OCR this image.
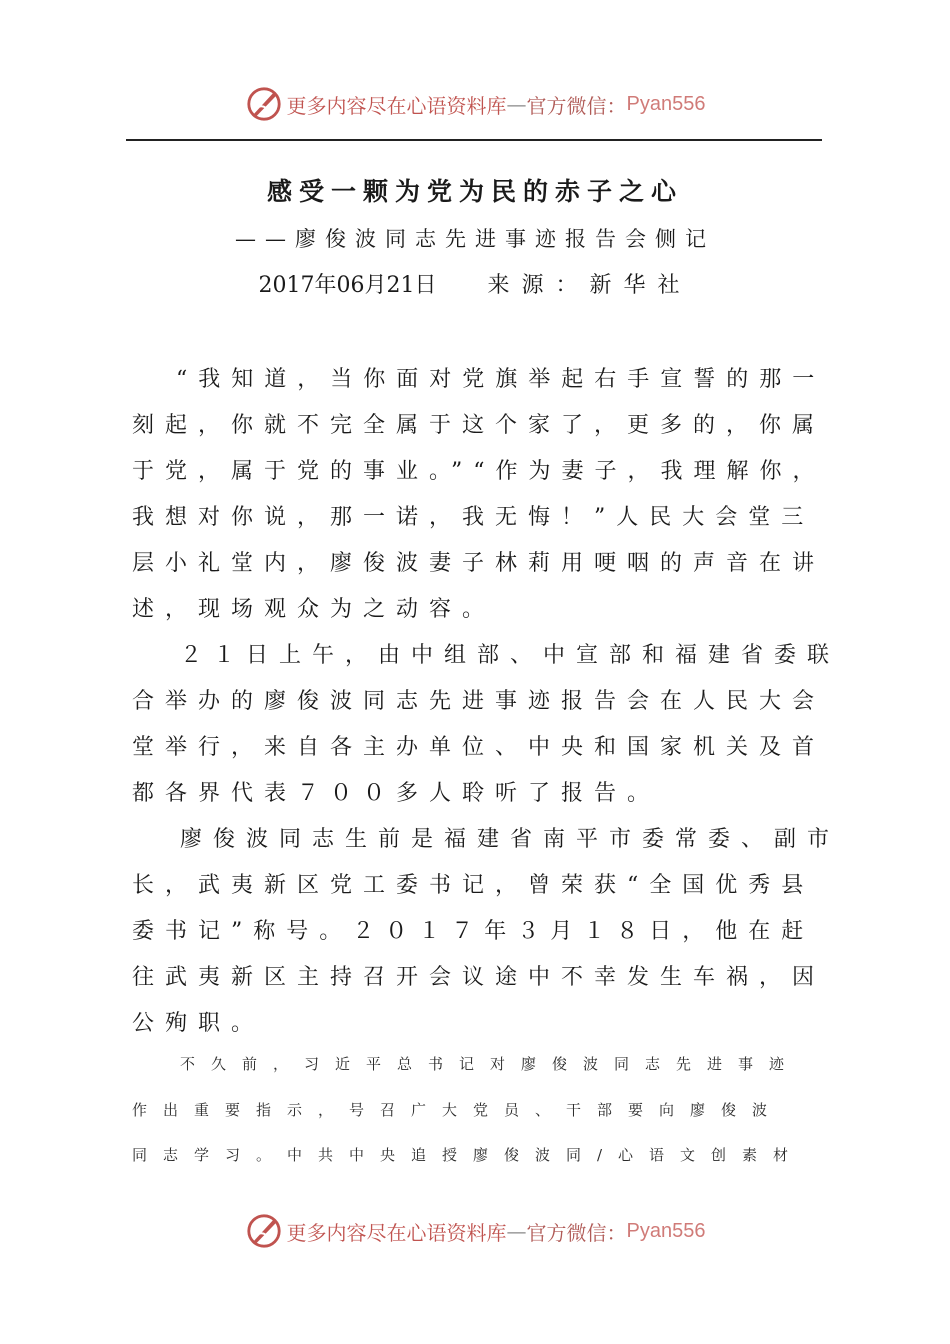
更多内容尽在心语资料库 — 官方微信： Pyan556
感受一颗为党为民的赤子之心
——廖俊波同志先进事迹报告会侧记
2017年06月21日 来源：新华社
“我知道，当你面对党旗举起右手宣誓的那一
刻起，你就不完全属于这个家了，更多的，你属
于党，属于党的事业。”“作为妻子，我理解你，
我想对你说，那一诺，我无悔！”人民大会堂三
层小礼堂内，廖俊波妻子林莉用哽咽的声音在讲
述，现场观众为之动容。
２１日上午，由中组部、中宣部和福建省委联
合举办的廖俊波同志先进事迹报告会在人民大会
堂举行，来自各主办单位、中央和国家机关及首
都各界代表７００多人聆听了报告。
廖俊波同志生前是福建省南平市委常委、副市
长，武夷新区党工委书记，曾荣获“全国优秀县
委书记”称号。２０１７年３月１８日，他在赶
往武夷新区主持召开会议途中不幸发生车祸，因
公殉职。
不久前，习近平总书记对廖俊波同志先进事迹
作出重要指示，号召广大党员、干部要向廖俊波
同志学习。中共中央追授廖俊波同/心语文创素材
更多内容尽在心语资料库 — 官方微信： Pyan556
